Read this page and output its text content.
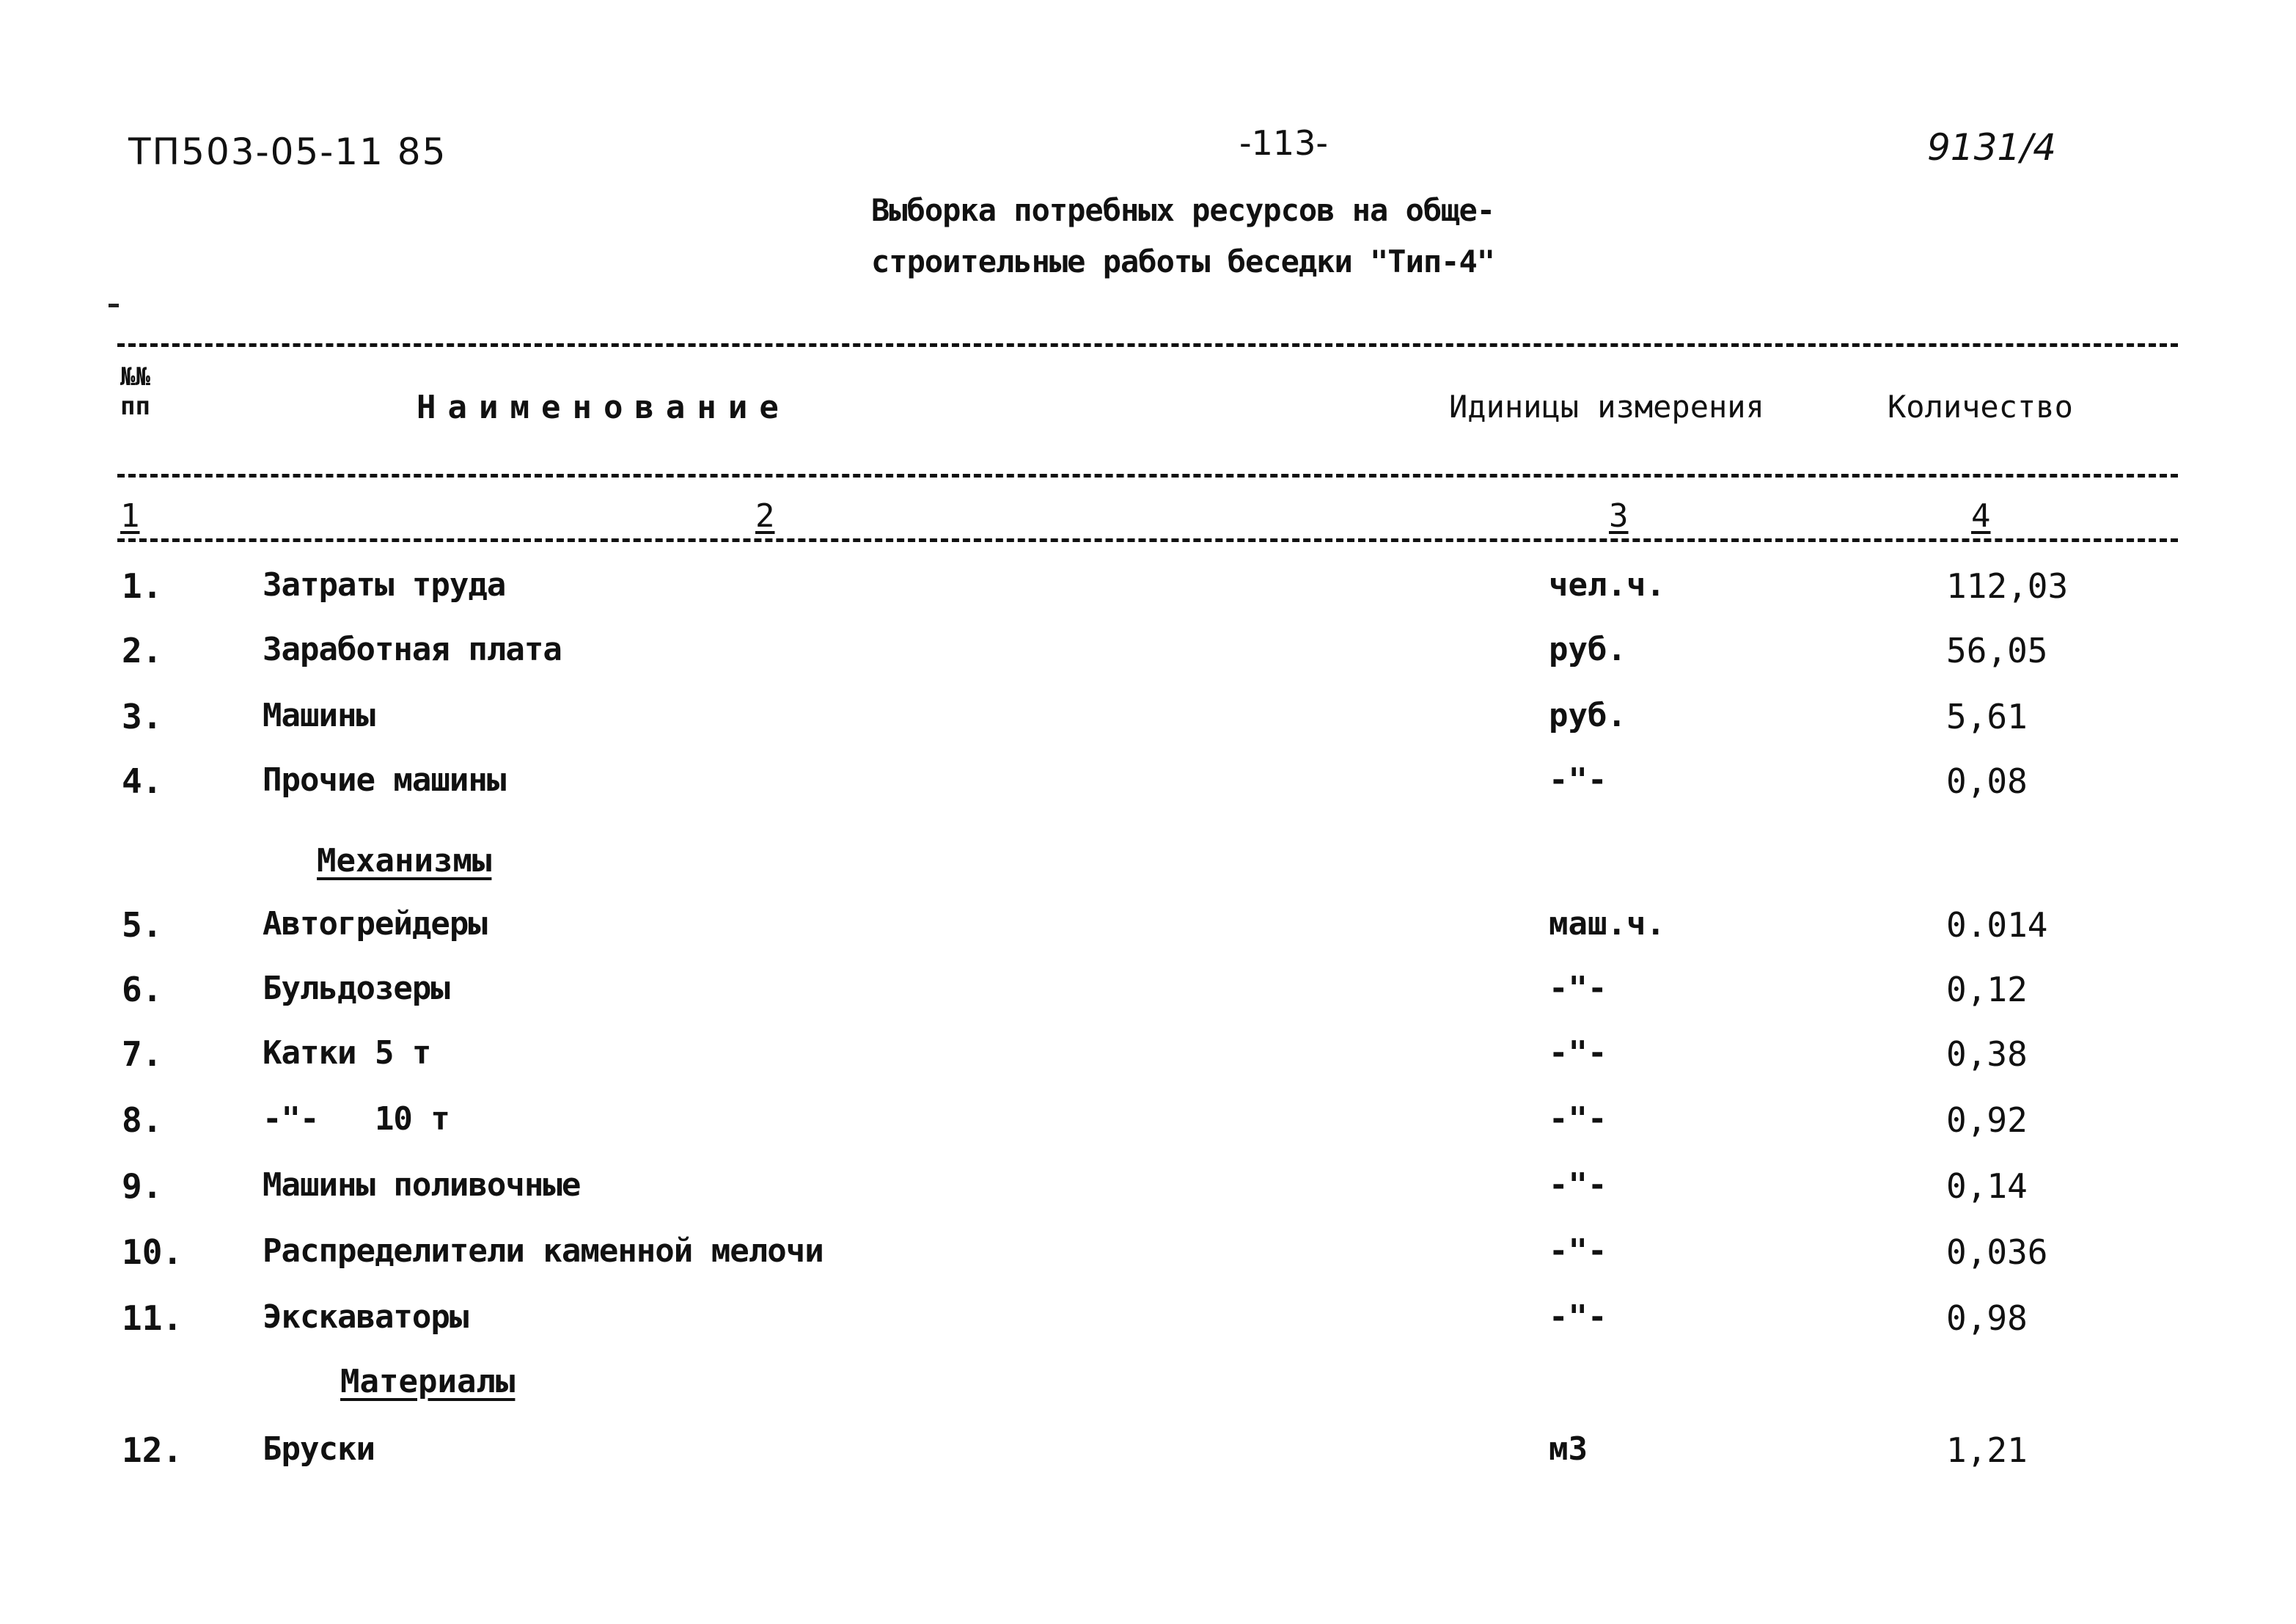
ТП503-05-11 85	-113-	9131/4
Выборка потребных ресурсов на обще-
строительные работы беседки "Тип-4"
№№
пп	Наименование	Идиницы измерения	Количество
1	2	3	4
1.	Затраты труда	чел.ч.	112,03
2.	Заработная плата	руб.	56,05
3.	Машины	руб.	5,61
4.	Прочие машины	-"-	0,08
Механизмы
5.	Автогрейдеры	маш.ч.	0.014
6.	Бульдозеры	-"-	0,12
7.	Катки 5 т	-"-	0,38
8.	-"-   10 т	-"-	0,92
9.	Машины поливочные	-"-	0,14
10. Распределители каменной мелочи	-"-	0,036
11. Экскаваторы	-"-	0,98
Материалы
12. Бруски	м3	1,21
